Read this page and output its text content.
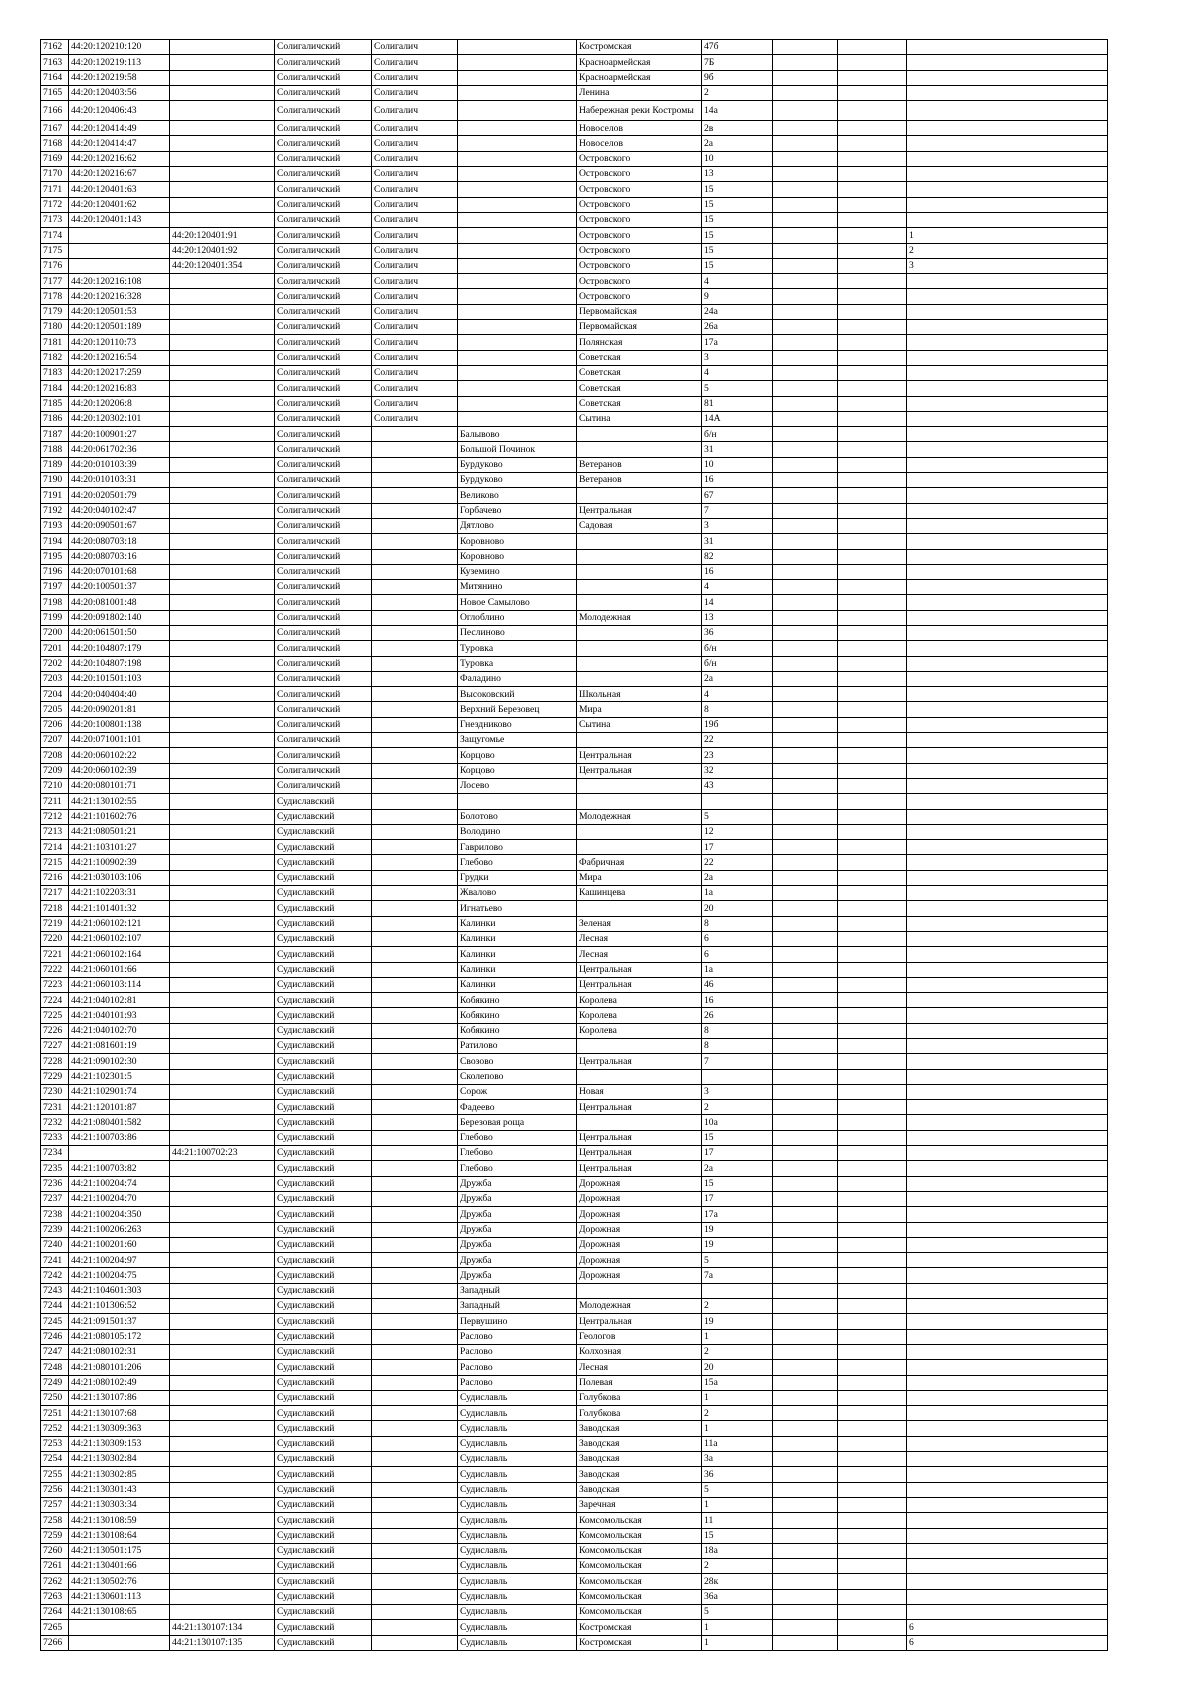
7162	44:20:120210:120		Солигаличский	Солигалич		Костромская	47б			
7163	44:20:120219:113		Солигаличский	Солигалич		Красноармейская	7Б			
7164	44:20:120219:58		Солигаличский	Солигалич		Красноармейская	9б			
7165	44:20:120403:56		Солигаличский	Солигалич		Ленина	2			
7166	44:20:120406:43		Солигаличский	Солигалич		Набережная реки Костромы	14а			
7167	44:20:120414:49		Солигаличский	Солигалич		Новоселов	2в			
7168	44:20:120414:47		Солигаличский	Солигалич		Новоселов	2а			
7169	44:20:120216:62		Солигаличский	Солигалич		Островского	10			
7170	44:20:120216:67		Солигаличский	Солигалич		Островского	13			
7171	44:20:120401:63		Солигаличский	Солигалич		Островского	15			
7172	44:20:120401:62		Солигаличский	Солигалич		Островского	15			
7173	44:20:120401:143		Солигаличский	Солигалич		Островского	15			
7174		44:20:120401:91	Солигаличский	Солигалич		Островского	15			1
7175		44:20:120401:92	Солигаличский	Солигалич		Островского	15			2
7176		44:20:120401:354	Солигаличский	Солигалич		Островского	15			3
7177	44:20:120216:108		Солигаличский	Солигалич		Островского	4			
7178	44:20:120216:328		Солигаличский	Солигалич		Островского	9			
7179	44:20:120501:53		Солигаличский	Солигалич		Первомайская	24а			
7180	44:20:120501:189		Солигаличский	Солигалич		Первомайская	26а			
7181	44:20:120110:73		Солигаличский	Солигалич		Полянская	17а			
7182	44:20:120216:54		Солигаличский	Солигалич		Советская	3			
7183	44:20:120217:259		Солигаличский	Солигалич		Советская	4			
7184	44:20:120216:83		Солигаличский	Солигалич		Советская	5			
7185	44:20:120206:8		Солигаличский	Солигалич		Советская	81			
7186	44:20:120302:101		Солигаличский	Солигалич		Сытина	14А			
7187	44:20:100901:27		Солигаличский		Балывово		б/н			
7188	44:20:061702:36		Солигаличский		Большой Починок		31			
7189	44:20:010103:39		Солигаличский		Бурдуково	Ветеранов	10			
7190	44:20:010103:31		Солигаличский		Бурдуково	Ветеранов	16			
7191	44:20:020501:79		Солигаличский		Великово		67			
7192	44:20:040102:47		Солигаличский		Горбачево	Центральная	7			
7193	44:20:090501:67		Солигаличский		Дятлово	Садовая	3			
7194	44:20:080703:18		Солигаличский		Коровново		31			
7195	44:20:080703:16		Солигаличский		Коровново		82			
7196	44:20:070101:68		Солигаличский		Куземино		16			
7197	44:20:100501:37		Солигаличский		Митянино		4			
7198	44:20:081001:48		Солигаличский		Новое Самылово		14			
7199	44:20:091802:140		Солигаличский		Оглоблино	Молодежная	13			
7200	44:20:061501:50		Солигаличский		Песлиново		36			
7201	44:20:104807:179		Солигаличский		Туровка		б/н			
7202	44:20:104807:198		Солигаличский		Туровка		б/н			
7203	44:20:101501:103		Солигаличский		Фаладино		2а			
7204	44:20:040404:40		Солигаличский		Высоковский	Школьная	4			
7205	44:20:090201:81		Солигаличский		Верхний Березовец	Мира	8			
7206	44:20:100801:138		Солигаличский		Гнездниково	Сытина	19б			
7207	44:20:071001:101		Солигаличский		Защугомье		22			
7208	44:20:060102:22		Солигаличский		Корцово	Центральная	23			
7209	44:20:060102:39		Солигаличский		Корцово	Центральная	32			
7210	44:20:080101:71		Солигаличский		Лосево		43			
7211	44:21:130102:55		Судиславский							
7212	44:21:101602:76		Судиславский		Болотово	Молодежная	5			
7213	44:21:080501:21		Судиславский		Володино		12			
7214	44:21:103101:27		Судиславский		Гаврилово		17			
7215	44:21:100902:39		Судиславский		Глебово	Фабричная	22			
7216	44:21:030103:106		Судиславский		Грудки	Мира	2а			
7217	44:21:102203:31		Судиславский		Жвалово	Кашинцева	1а			
7218	44:21:101401:32		Судиславский		Игнатьево		20			
7219	44:21:060102:121		Судиславский		Калинки	Зеленая	8			
7220	44:21:060102:107		Судиславский		Калинки	Лесная	6			
7221	44:21:060102:164		Судиславский		Калинки	Лесная	6			
7222	44:21:060101:66		Судиславский		Калинки	Центральная	1а			
7223	44:21:060103:114		Судиславский		Калинки	Центральная	46			
7224	44:21:040102:81		Судиславский		Кобякино	Королева	16			
7225	44:21:040101:93		Судиславский		Кобякино	Королева	26			
7226	44:21:040102:70		Судиславский		Кобякино	Королева	8			
7227	44:21:081601:19		Судиславский		Ратилово		8			
7228	44:21:090102:30		Судиславский		Свозово	Центральная	7			
7229	44:21:102301:5		Судиславский		Сколепово					
7230	44:21:102901:74		Судиславский		Сорож	Новая	3			
7231	44:21:120101:87		Судиславский		Фадеево	Центральная	2			
7232	44:21:080401:582		Судиславский		Березовая роща		10а			
7233	44:21:100703:86		Судиславский		Глебово	Центральная	15			
7234		44:21:100702:23	Судиславский		Глебово	Центральная	17			
7235	44:21:100703:82		Судиславский		Глебово	Центральная	2а			
7236	44:21:100204:74		Судиславский		Дружба	Дорожная	15			
7237	44:21:100204:70		Судиславский		Дружба	Дорожная	17			
7238	44:21:100204:350		Судиславский		Дружба	Дорожная	17а			
7239	44:21:100206:263		Судиславский		Дружба	Дорожная	19			
7240	44:21:100201:60		Судиславский		Дружба	Дорожная	19			
7241	44:21:100204:97		Судиславский		Дружба	Дорожная	5			
7242	44:21:100204:75		Судиславский		Дружба	Дорожная	7а			
7243	44:21:104601:303		Судиславский		Западный					
7244	44:21:101306:52		Судиславский		Западный	Молодежная	2			
7245	44:21:091501:37		Судиславский		Первушино	Центральная	19			
7246	44:21:080105:172		Судиславский		Раслово	Геологов	1			
7247	44:21:080102:31		Судиславский		Раслово	Колхозная	2			
7248	44:21:080101:206		Судиславский		Раслово	Лесная	20			
7249	44:21:080102:49		Судиславский		Раслово	Полевая	15а			
7250	44:21:130107:86		Судиславский		Судиславль	Голубкова	1			
7251	44:21:130107:68		Судиславский		Судиславль	Голубкова	2			
7252	44:21:130309:363		Судиславский		Судиславль	Заводская	1			
7253	44:21:130309:153		Судиславский		Судиславль	Заводская	11а			
7254	44:21:130302:84		Судиславский		Судиславль	Заводская	3а			
7255	44:21:130302:85		Судиславский		Судиславль	Заводская	36			
7256	44:21:130301:43		Судиславский		Судиславль	Заводская	5			
7257	44:21:130303:34		Судиславский		Судиславль	Заречная	1			
7258	44:21:130108:59		Судиславский		Судиславль	Комсомольская	11			
7259	44:21:130108:64		Судиславский		Судиславль	Комсомольская	15			
7260	44:21:130501:175		Судиславский		Судиславль	Комсомольская	18а			
7261	44:21:130401:66		Судиславский		Судиславль	Комсомольская	2			
7262	44:21:130502:76		Судиславский		Судиславль	Комсомольская	28к			
7263	44:21:130601:113		Судиславский		Судиславль	Комсомольская	36а			
7264	44:21:130108:65		Судиславский		Судиславль	Комсомольская	5			
7265		44:21:130107:134	Судиславский		Судиславль	Костромская	1			6
7266		44:21:130107:135	Судиславский		Судиславль	Костромская	1			6
